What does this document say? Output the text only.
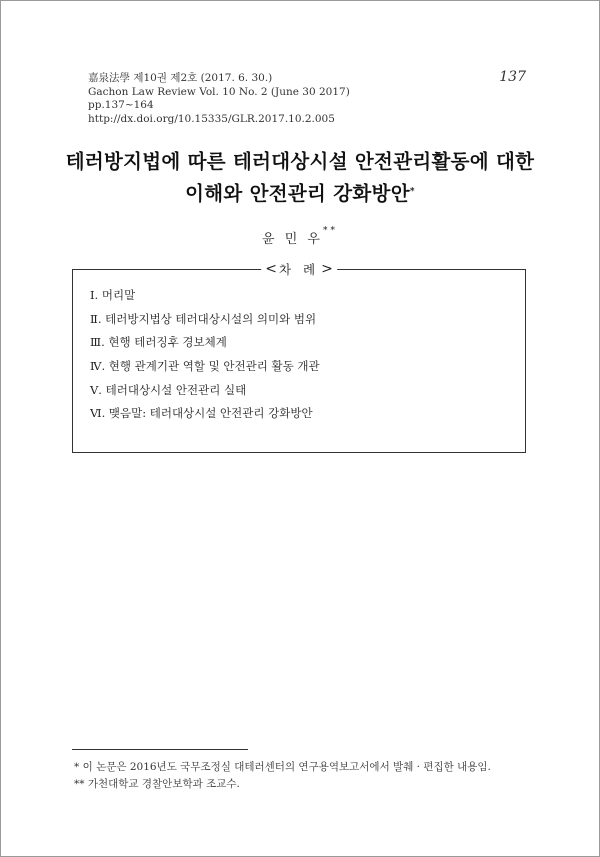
嘉泉法學 제10권 제2호 (2017. 6. 30.)
Gachon Law Review Vol. 10 No. 2 (June 30 2017)
pp.137~164
http://dx.doi.org/10.15335/GLR.2017.10.2.005
137
테러방지법에 따른 테러대상시설 안전관리활동에 대한
이해와 안전관리 강화방안*
윤 민 우**
< 차 례 >
Ⅰ. 머리말
Ⅱ. 테러방지법상 테러대상시설의 의미와 범위
Ⅲ. 현행 테러징후 경보체계
Ⅳ. 현행 관계기관 역할 및 안전관리 활동 개관
Ⅴ. 테러대상시설 안전관리 실태
Ⅵ. 맺음말: 테러대상시설 안전관리 강화방안
* 이 논문은 2016년도 국무조정실 대테러센터의 연구용역보고서에서 발췌 · 편집한 내용임.
** 가천대학교 경찰안보학과 조교수.
